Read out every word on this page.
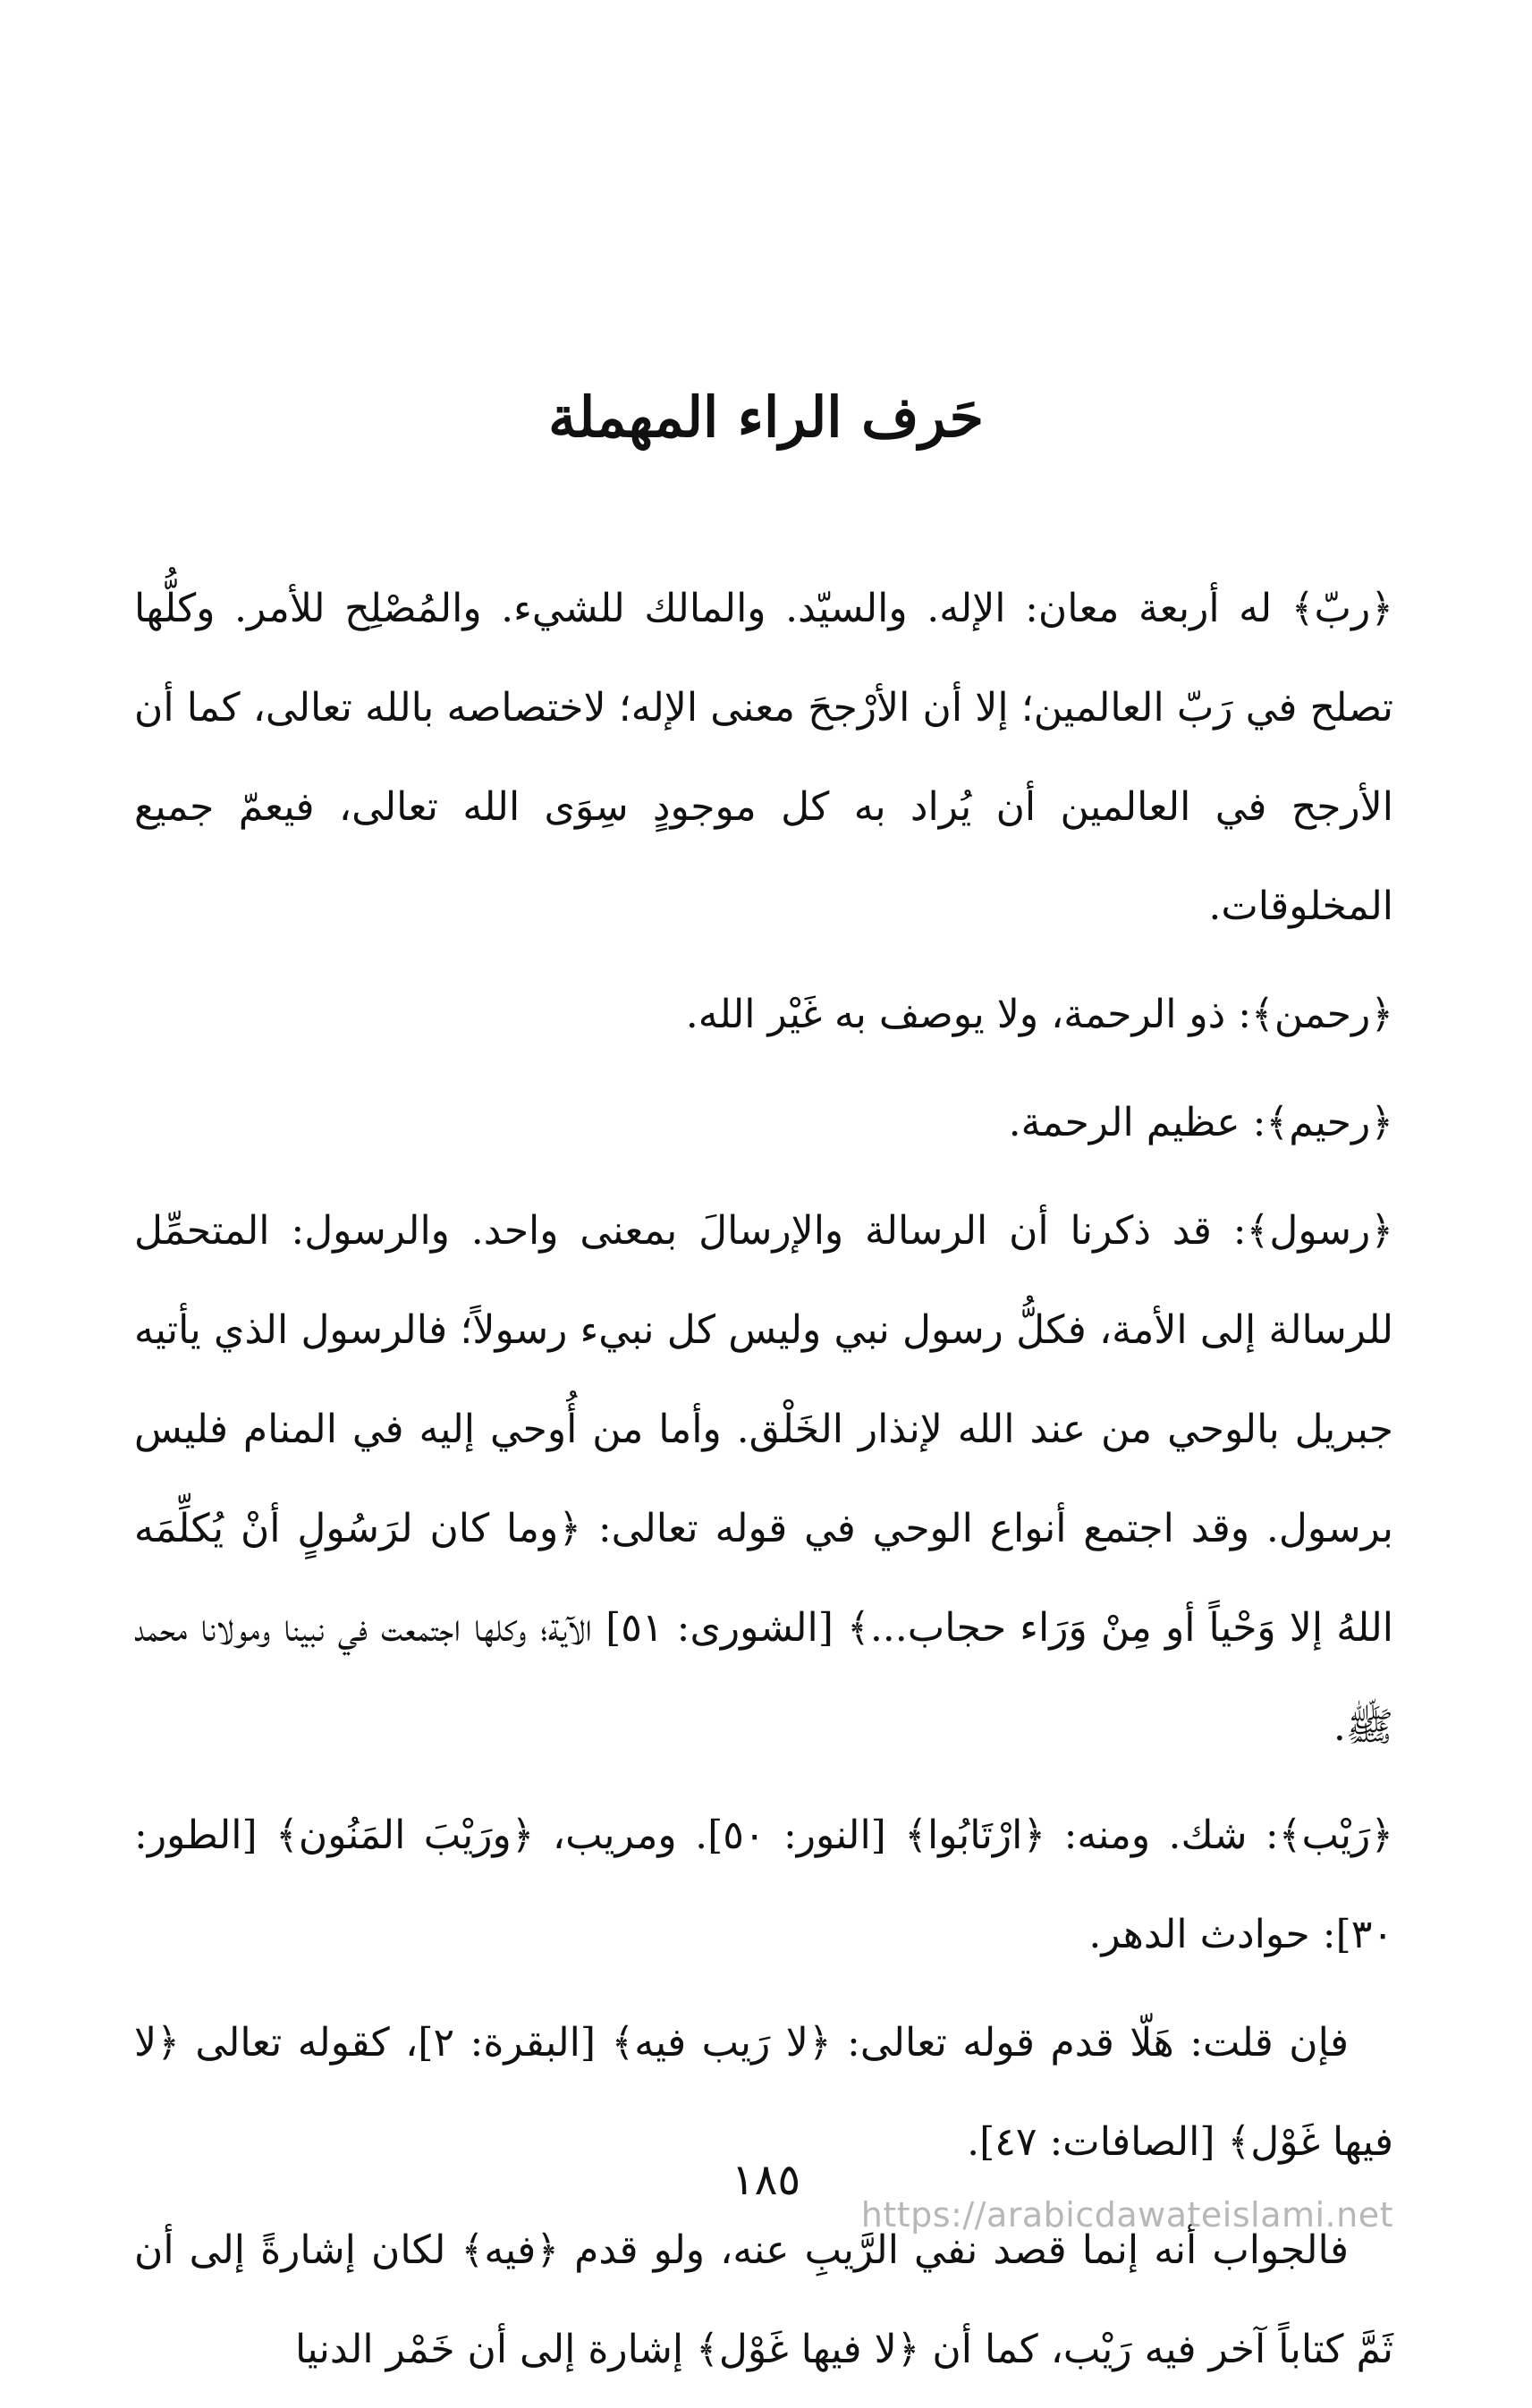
حَرف الراء المهملة

﴿ربّ﴾ له أربعة معان: الإله. والسيّد. والمالك للشيء. والمُصْلِح للأمر. وكلُّها تصلح في رَبّ العالمين؛ إلا أن الأرْجحَ معنى الإله؛ لاختصاصه بالله تعالى، كما أن الأرجح في العالمين أن يُراد به كل موجودٍ سِوَى الله تعالى، فيعمّ جميع المخلوقات.

﴿رحمن﴾: ذو الرحمة، ولا يوصف به غَيْر الله.

﴿رحيم﴾: عظيم الرحمة.

﴿رسول﴾: قد ذكرنا أن الرسالة والإرسالَ بمعنى واحد. والرسول: المتحمِّل للرسالة إلى الأمة، فكلُّ رسول نبي وليس كل نبيء رسولاً؛ فالرسول الذي يأتيه جبريل بالوحي من عند الله لإنذار الخَلْق. وأما من أُوحي إليه في المنام فليس برسول. وقد اجتمع أنواع الوحي في قوله تعالى: ﴿وما كان لرَسُولٍ أنْ يُكلِّمَه اللهُ إلا وَحْياً أو مِنْ وَرَاء حجاب...﴾ [الشورى: ٥١] الآية؛ وكلها اجتمعت في نبينا ومولانا محمد ﷺ.

﴿رَيْب﴾: شك. ومنه: ﴿ارْتَابُوا﴾ [النور: ٥٠]. ومريب، ﴿ورَيْبَ المَنُون﴾ [الطور: ٣٠]: حوادث الدهر.

فإن قلت: هَلّا قدم قوله تعالى: ﴿لا رَيب فيه﴾ [البقرة: ٢]، كقوله تعالى ﴿لا فيها غَوْل﴾ [الصافات: ٤٧].

فالجواب أنه إنما قصد نفي الرَّيبِ عنه، ولو قدم ﴿فيه﴾ لكان إشارةً إلى أن ثَمَّ كتاباً آخر فيه رَيْب، كما أن ﴿لا فيها غَوْل﴾ إشارة إلى أن خَمْر الدنيا

١٨٥
https://arabicdawateislami.net
